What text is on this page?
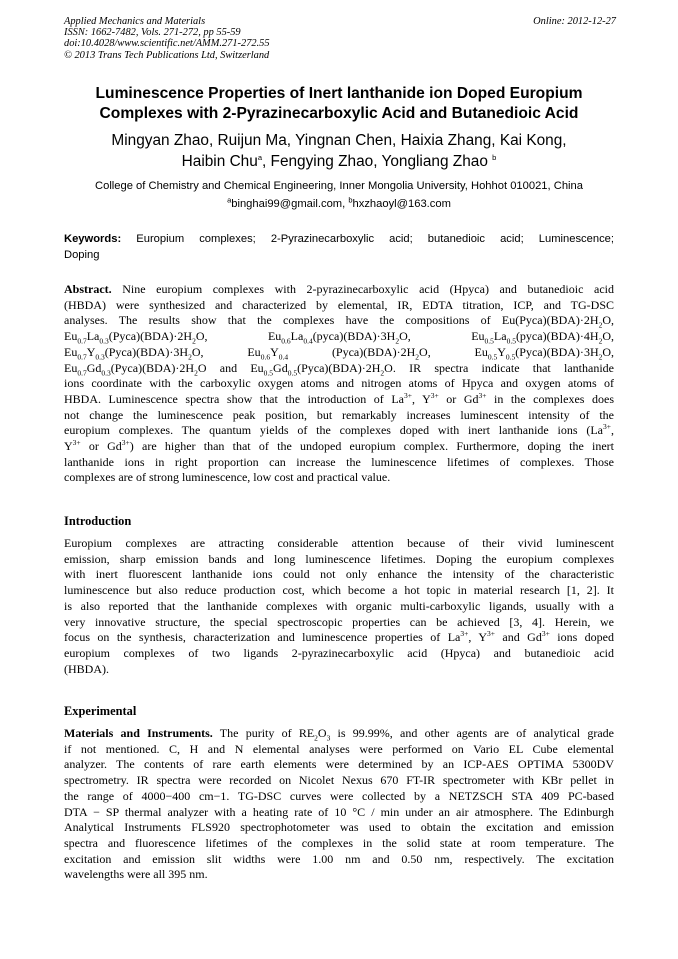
Applied Mechanics and Materials
ISSN: 1662-7482, Vols. 271-272, pp 55-59
doi:10.4028/www.scientific.net/AMM.271-272.55
© 2013 Trans Tech Publications Ltd, Switzerland
Online: 2012-12-27
Luminescence Properties of Inert lanthanide ion Doped Europium
Complexes with 2-Pyrazinecarboxylic Acid and Butanedioic Acid
Mingyan Zhao, Ruijun Ma, Yingnan Chen, Haixia Zhang, Kai Kong,
Haibin Chu$^a$, Fengying Zhao, Yongliang Zhao $^b$
College of Chemistry and Chemical Engineering, Inner Mongolia University, Hohhot 010021, China
$^a$binghai99@gmail.com, $^b$hxzhaoyl@163.com
Keywords: Europium complexes; 2-Pyrazinecarboxylic acid; butanedioic acid; Luminescence;
Doping
Abstract. Nine europium complexes with 2-pyrazinecarboxylic acid (Hpyca) and butanedioic acid
(HBDA) were synthesized and characterized by elemental, IR, EDTA titration, ICP, and TG-DSC
analyses. The results show that the complexes have the compositions of $Eu(Pyca)(BDA)\cdot 2H_2O$,
$Eu_{0.7}La_{0.3}(Pyca)(BDA)\cdot 2H_2O$, $Eu_{0.6}La_{0.4}(pyca)(BDA)\cdot 3H_2O$, $Eu_{0.5}La_{0.5}(pyca)(BDA)\cdot 4H_2O$,
$Eu_{0.7}Y_{0.3}(Pyca)(BDA)\cdot 3H_2O$, $Eu_{0.6}Y_{0.4}$	$(Pyca)(BDA)\cdot 2H_2O$, $Eu_{0.5}Y_{0.5}(Pyca)(BDA)\cdot 3H_2O$,
$Eu_{0.7}Gd_{0.3}(Pyca)(BDA)\cdot 2H_2O$ and $Eu_{0.5}Gd_{0.5}(Pyca)(BDA)\cdot 2H_2O$. IR spectra indicate that lanthanide
ions coordinate with the carboxylic oxygen atoms and nitrogen atoms of Hpyca and oxygen atoms of
HBDA. Luminescence spectra show that the introduction of $La^{3+}$, $Y^{3+}$ or $Gd^{3+}$ in the complexes does
not change the luminescence peak position, but remarkably increases luminescent intensity of the
europium complexes. The quantum yields of the complexes doped with inert lanthanide ions ($La^{3+}$,
$Y^{3+}$ or $Gd^{3+}$) are higher than that of the undoped europium complex. Furthermore, doping the inert
lanthanide ions in right proportion can increase the luminescence lifetimes of complexes. Those
complexes are of strong luminescence, low cost and practical value.
Introduction
Europium complexes are attracting considerable attention because of their vivid luminescent
emission, sharp emission bands and long luminescence lifetimes. Doping the europium complexes
with inert fluorescent lanthanide ions could not only enhance the intensity of the characteristic
luminescence but also reduce production cost, which become a hot topic in material research [1, 2]. It
is also reported that the lanthanide complexes with organic multi-carboxylic ligands, usually with a
very innovative structure, the special spectroscopic properties can be achieved [3, 4]. Herein, we
focus on the synthesis, characterization and luminescence properties of $La^{3+}$, $Y^{3+}$ and $Gd^{3+}$ ions doped
europium complexes of two ligands 2-pyrazinecarboxylic acid (Hpyca) and butanedioic acid
(HBDA).
Experimental
Materials and Instruments. The purity of $RE_2O_3$ is 99.99%, and other agents are of analytical grade
if not mentioned. C, H and N elemental analyses were performed on Vario EL Cube elemental
analyzer. The contents of rare earth elements were determined by an ICP-AES OPTIMA 5300DV
spectrometry. IR spectra were recorded on Nicolet Nexus 670 FT-IR spectrometer with KBr pellet in
the range of 4000−400 cm−1. TG-DSC curves were collected by a NETZSCH STA 409 PC-based
DTA − SP thermal analyzer with a heating rate of 10 °C / min under an air atmosphere. The Edinburgh
Analytical Instruments FLS920 spectrophotometer was used to obtain the excitation and emission
spectra and fluorescence lifetimes of the complexes in the solid state at room temperature. The
excitation and emission slit widths were 1.00 nm and 0.50 nm, respectively. The excitation
wavelengths were all 395 nm.
